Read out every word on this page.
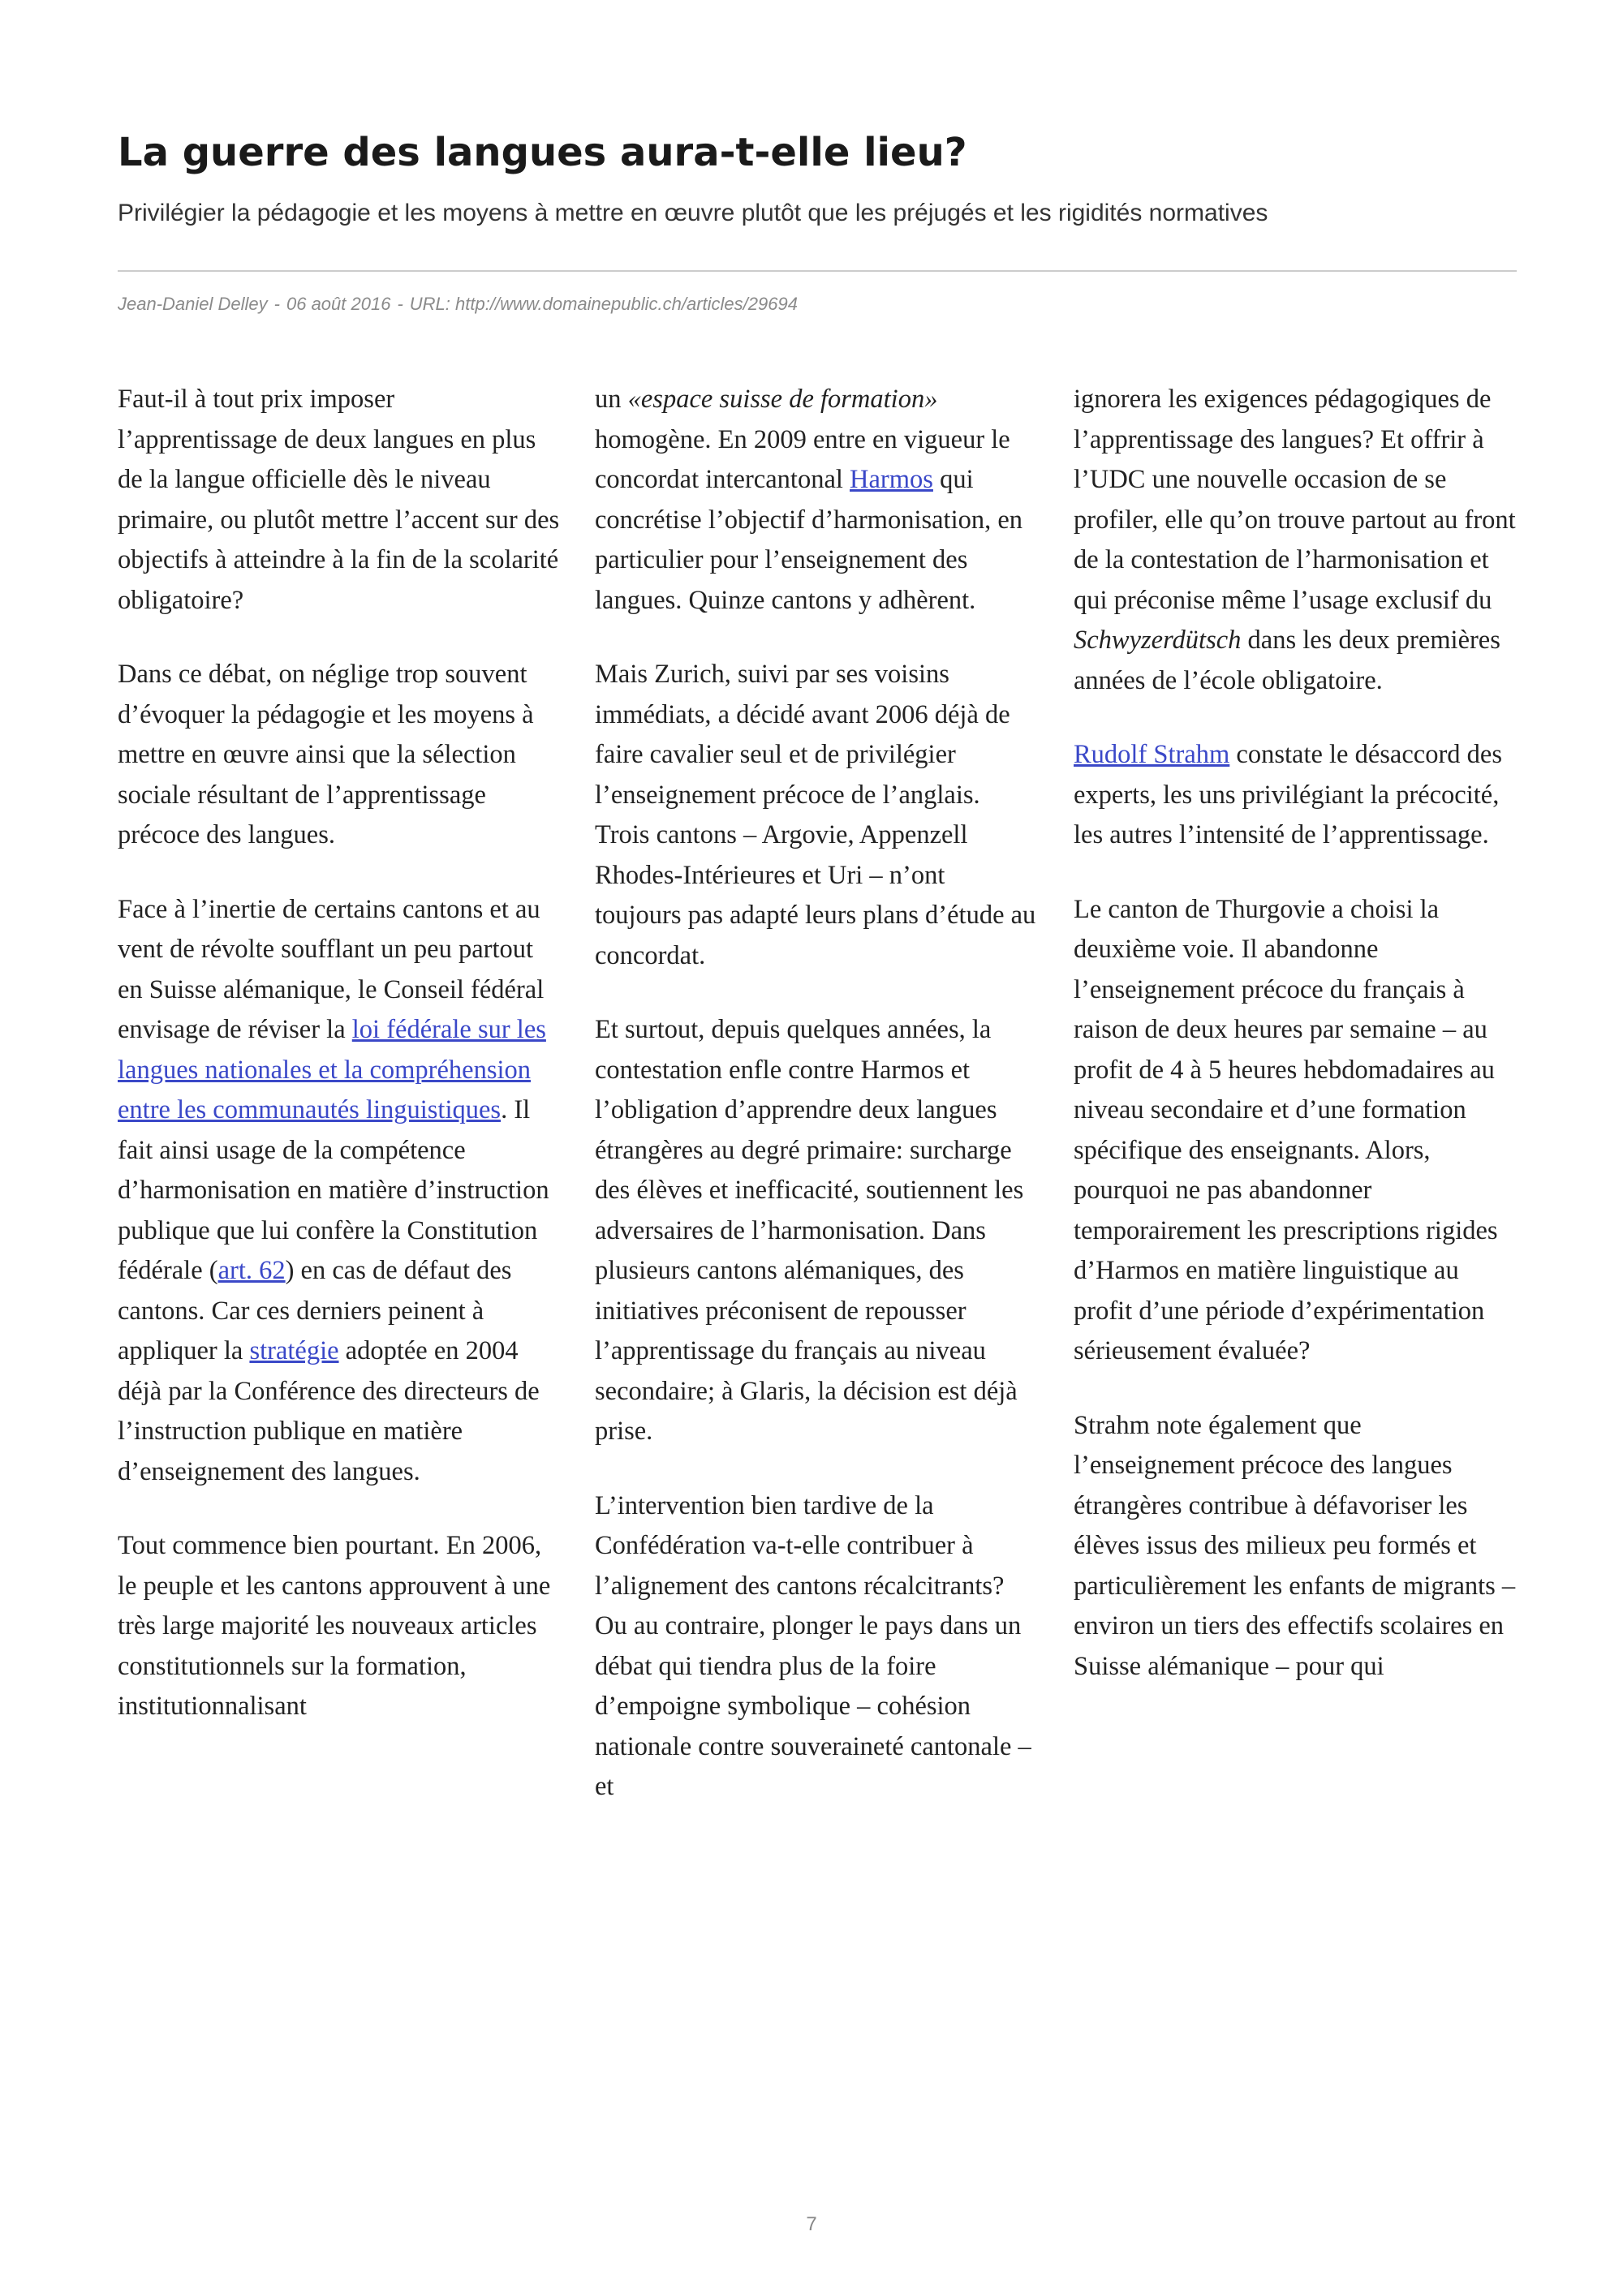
La guerre des langues aura-t-elle lieu?

Privilégier la pédagogie et les moyens à mettre en œuvre plutôt que les préjugés et les rigidités normatives

Jean-Daniel Delley - 06 août 2016 - URL: http://www.domainepublic.ch/articles/29694

Faut-il à tout prix imposer l’apprentissage de deux langues en plus de la langue officielle dès le niveau primaire, ou plutôt mettre l’accent sur des objectifs à atteindre à la fin de la scolarité obligatoire?

Dans ce débat, on néglige trop souvent d’évoquer la pédagogie et les moyens à mettre en œuvre ainsi que la sélection sociale résultant de l’apprentissage précoce des langues.

Face à l’inertie de certains cantons et au vent de révolte soufflant un peu partout en Suisse alémanique, le Conseil fédéral envisage de réviser la loi fédérale sur les langues nationales et la compréhension entre les communautés linguistiques. Il fait ainsi usage de la compétence d’harmonisation en matière d’instruction publique que lui confère la Constitution fédérale (art. 62) en cas de défaut des cantons. Car ces derniers peinent à appliquer la stratégie adoptée en 2004 déjà par la Conférence des directeurs de l’instruction publique en matière d’enseignement des langues.

Tout commence bien pourtant. En 2006, le peuple et les cantons approuvent à une très large majorité les nouveaux articles constitutionnels sur la formation, institutionnalisant

un «espace suisse de formation» homogène. En 2009 entre en vigueur le concordat intercantonal Harmos qui concrétise l’objectif d’harmonisation, en particulier pour l’enseignement des langues. Quinze cantons y adhèrent.

Mais Zurich, suivi par ses voisins immédiats, a décidé avant 2006 déjà de faire cavalier seul et de privilégier l’enseignement précoce de l’anglais. Trois cantons – Argovie, Appenzell Rhodes-Intérieures et Uri – n’ont toujours pas adapté leurs plans d’étude au concordat.

Et surtout, depuis quelques années, la contestation enfle contre Harmos et l’obligation d’apprendre deux langues étrangères au degré primaire: surcharge des élèves et inefficacité, soutiennent les adversaires de l’harmonisation. Dans plusieurs cantons alémaniques, des initiatives préconisent de repousser l’apprentissage du français au niveau secondaire; à Glaris, la décision est déjà prise.

L’intervention bien tardive de la Confédération va-t-elle contribuer à l’alignement des cantons récalcitrants? Ou au contraire, plonger le pays dans un débat qui tiendra plus de la foire d’empoigne symbolique – cohésion nationale contre souveraineté cantonale – et

ignorera les exigences pédagogiques de l’apprentissage des langues? Et offrir à l’UDC une nouvelle occasion de se profiler, elle qu’on trouve partout au front de la contestation de l’harmonisation et qui préconise même l’usage exclusif du Schwyzerdütsch dans les deux premières années de l’école obligatoire.

Rudolf Strahm constate le désaccord des experts, les uns privilégiant la précocité, les autres l’intensité de l’apprentissage.

Le canton de Thurgovie a choisi la deuxième voie. Il abandonne l’enseignement précoce du français à raison de deux heures par semaine – au profit de 4 à 5 heures hebdomadaires au niveau secondaire et d’une formation spécifique des enseignants. Alors, pourquoi ne pas abandonner temporairement les prescriptions rigides d’Harmos en matière linguistique au profit d’une période d’expérimentation sérieusement évaluée?

Strahm note également que l’enseignement précoce des langues étrangères contribue à défavoriser les élèves issus des milieux peu formés et particulièrement les enfants de migrants – environ un tiers des effectifs scolaires en Suisse alémanique – pour qui

7
